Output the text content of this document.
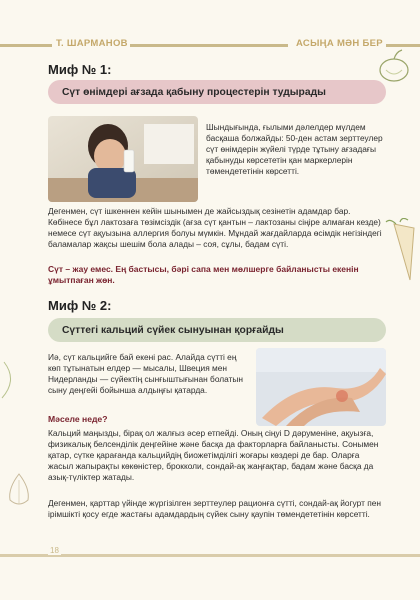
Т. ШАРМАНОВ	АСЫҢА МӘН БЕР
Миф № 1:
Сүт өнімдері ағзада қабыну процестерін тудырады
Шындығында, ғылыми дәлелдер мүлдем басқаша болжайды: 50-ден астам зерттеулер сүт өнімдерін жүйелі түрде тұтыну ағзадағы қабынуды көрсететін қан маркерлерін төмендететінін көрсетті.
Дегенмен, сүт ішкеннен кейін шынымен де жайсыздық сезінетін адамдар бар. Көбінесе бұл лактозаға төзімсіздік (ағза сүт қантын – лактозаны сіңіре алмаған кезде) немесе сүт ақуызына аллергия болуы мүмкін. Мұндай жағдайларда өсімдік негізіндегі баламалар жақсы шешім бола алады – соя, сұлы, бадам сүті.
Сүт – жау емес. Ең бастысы, бәрі сапа мен мөлшерге байланысты екенін ұмытпаған жөн.
Миф № 2:
Сүттегі кальций сүйек сынуынан қорғайды
Иә, сүт кальцийге бай екені рас. Алайда сүтті ең көп тұтынатын елдер — мысалы, Швеция мен Нидерланды — сүйектің сынғыштығынан болатын сыну деңгейі бойынша алдыңғы қатарда.
Мәселе неде?
Кальций маңызды, бірақ ол жалғыз әсер етпейді. Оның сіңуі D дәруменіне, ақуызға, физикалық белсенділік деңгейіне және басқа да факторларға байланысты. Сонымен қатар, сүтке қарағанда кальцийдің биожетімділігі жоғары көздері де бар. Оларға жасыл жапырақты көкөністер, брокколи, сондай-ақ жаңғақтар, бадам және басқа да азық-түліктер жатады.
Дегенмен, қарттар үйінде жүргізілген зерттеулер рационға сүтті, сондай-ақ йогурт пен ірімшікті қосу егде жастағы адамдардың сүйек сыну қаупін төмендететінін көрсетті.
18
